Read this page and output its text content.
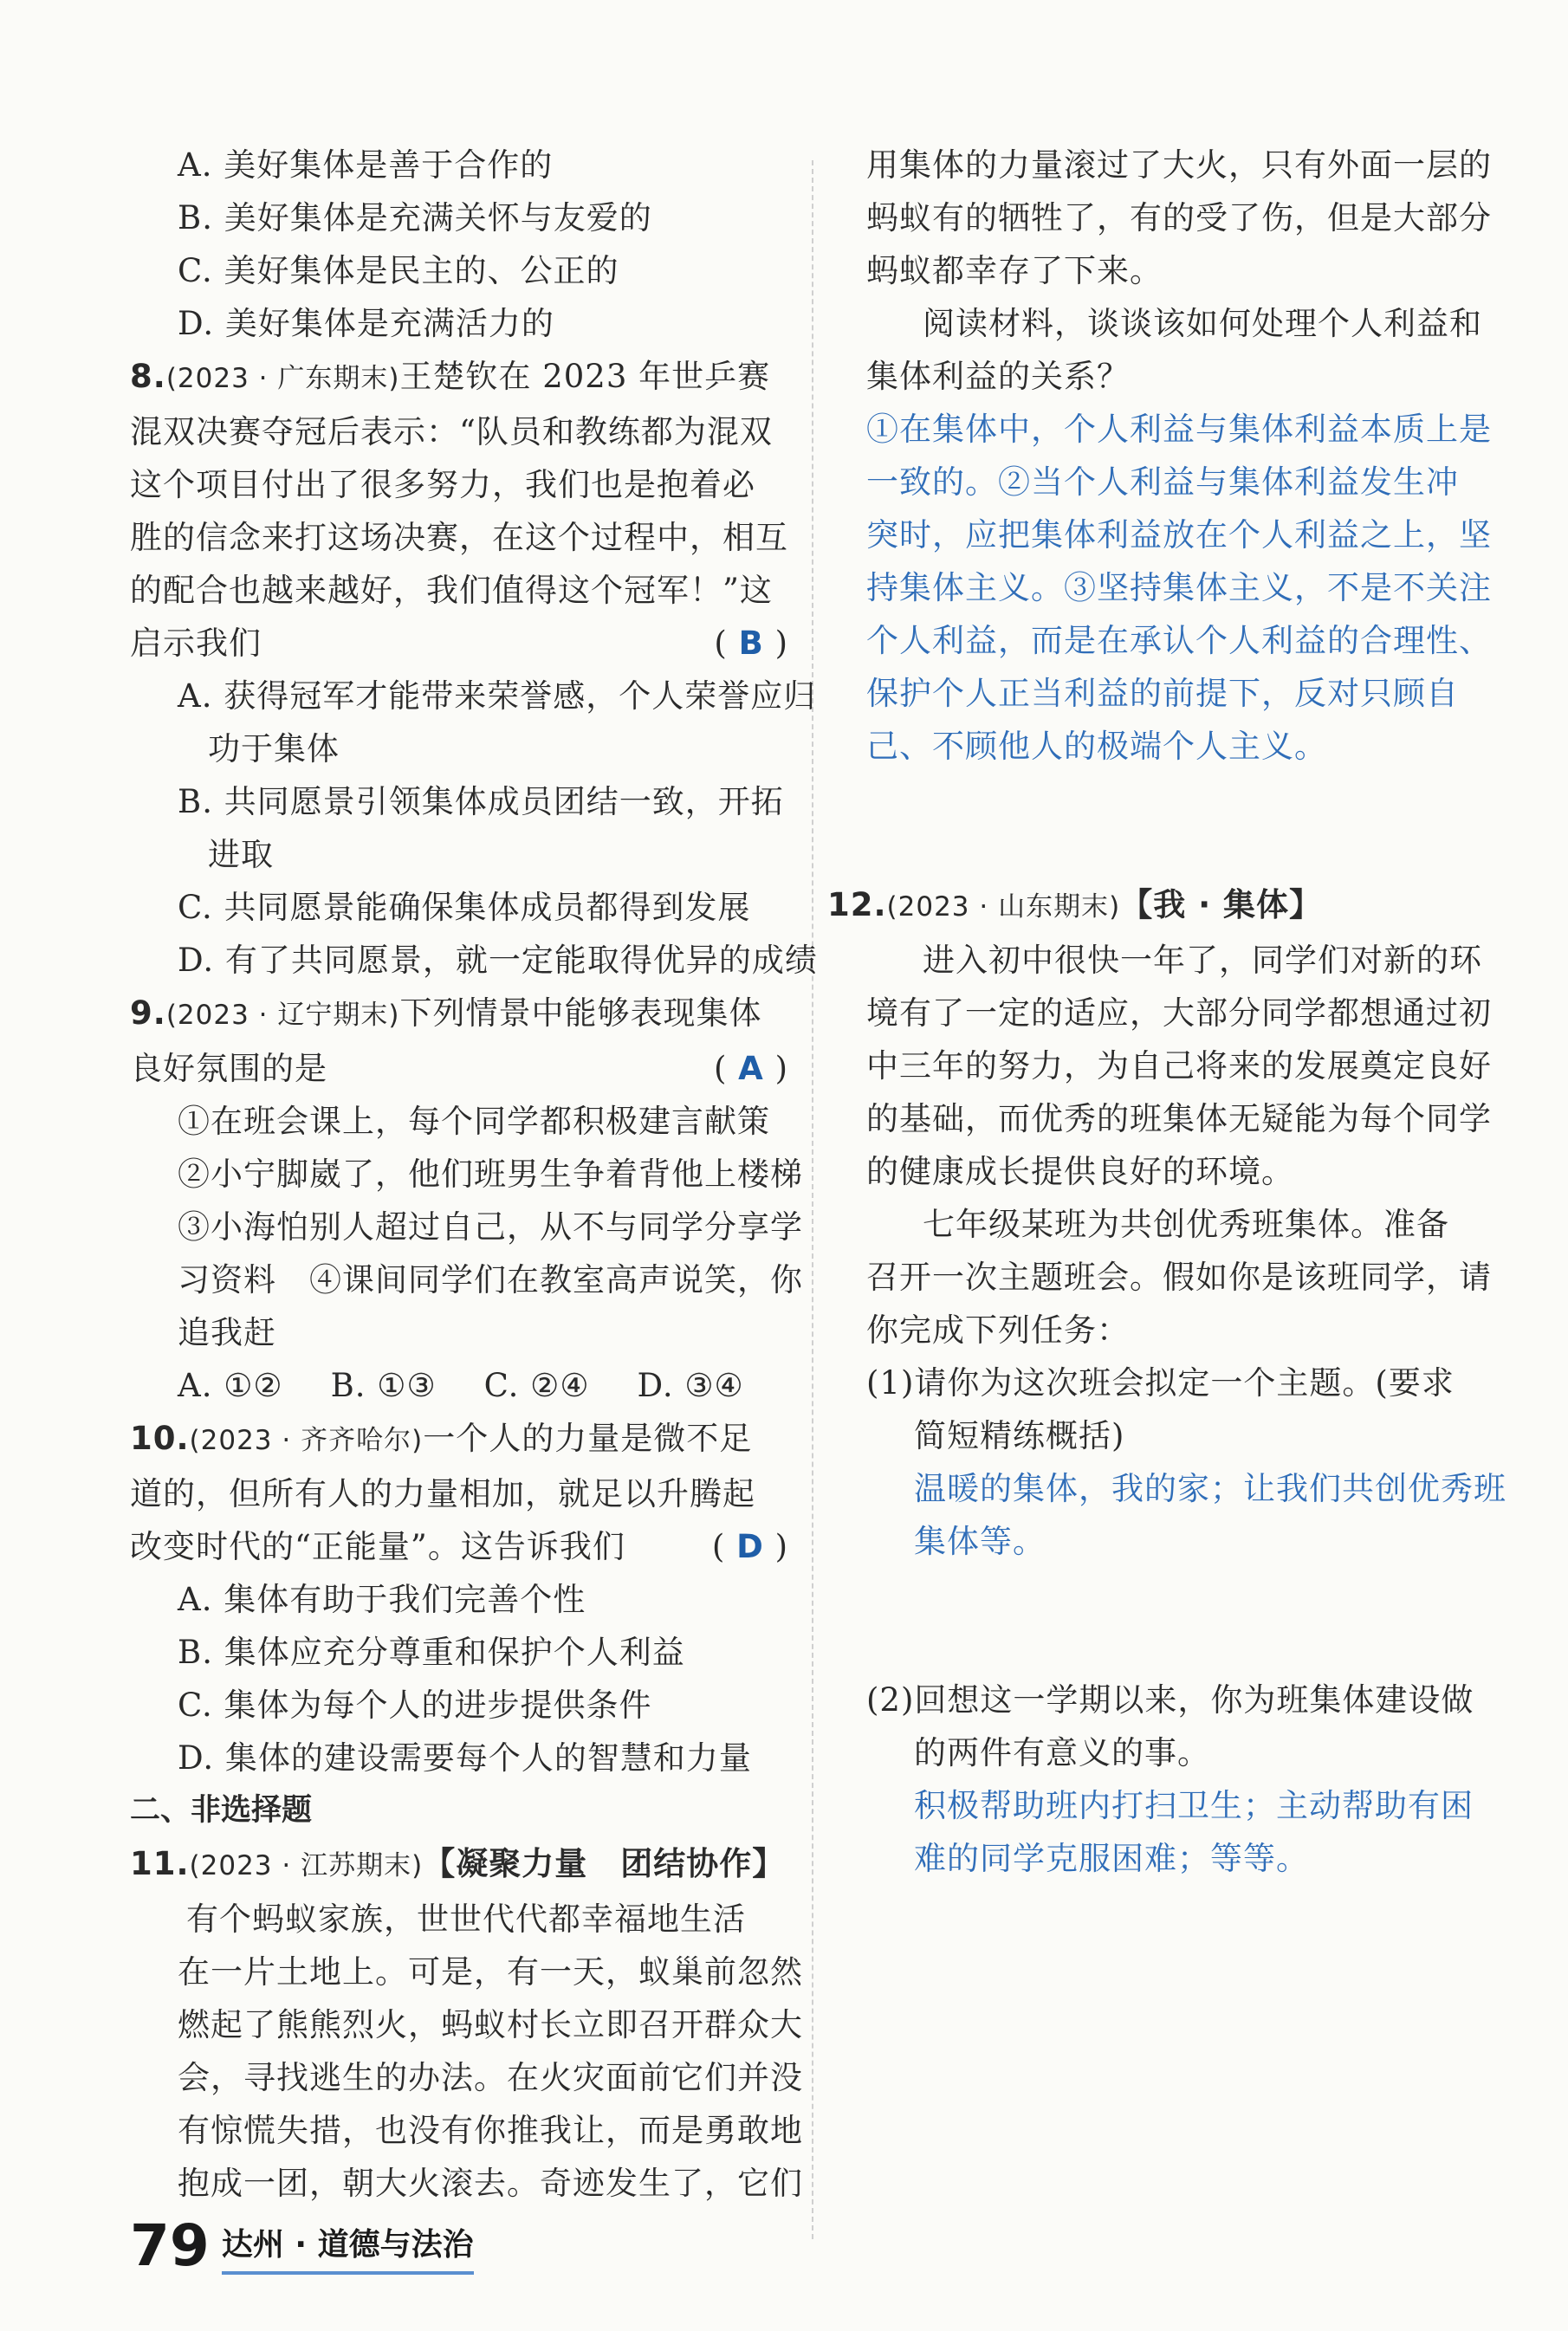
A. 美好集体是善于合作的
B. 美好集体是充满关怀与友爱的
C. 美好集体是民主的、公正的
D. 美好集体是充满活力的
8.(2023 · 广东期末)王楚钦在 2023 年世乒赛
混双决赛夺冠后表示：“队员和教练都为混双
这个项目付出了很多努力，我们也是抱着必
胜的信念来打这场决赛，在这个过程中，相互
的配合也越来越好，我们值得这个冠军！”这
启示我们	( B )
A. 获得冠军才能带来荣誉感，个人荣誉应归
功于集体
B. 共同愿景引领集体成员团结一致，开拓
进取
C. 共同愿景能确保集体成员都得到发展
D. 有了共同愿景，就一定能取得优异的成绩
9.(2023 · 辽宁期末)下列情景中能够表现集体
良好氛围的是	( A )
①在班会课上，每个同学都积极建言献策
②小宁脚崴了，他们班男生争着背他上楼梯
③小海怕别人超过自己，从不与同学分享学
习资料　④课间同学们在教室高声说笑，你
追我赶
A. ①② B. ①③ C. ②④ D. ③④
10.(2023 · 齐齐哈尔)一个人的力量是微不足
道的，但所有人的力量相加，就足以升腾起
改变时代的“正能量”。这告诉我们	( D )
A. 集体有助于我们完善个性
B. 集体应充分尊重和保护个人利益
C. 集体为每个人的进步提供条件
D. 集体的建设需要每个人的智慧和力量
二、非选择题
11.(2023 · 江苏期末)【凝聚力量　团结协作】
有个蚂蚁家族，世世代代都幸福地生活
在一片土地上。可是，有一天，蚁巢前忽然
燃起了熊熊烈火，蚂蚁村长立即召开群众大
会，寻找逃生的办法。在火灾面前它们并没
有惊慌失措，也没有你推我让，而是勇敢地
抱成一团，朝大火滚去。奇迹发生了，它们
用集体的力量滚过了大火，只有外面一层的
蚂蚁有的牺牲了，有的受了伤，但是大部分
蚂蚁都幸存了下来。
阅读材料，谈谈该如何处理个人利益和
集体利益的关系？
①在集体中，个人利益与集体利益本质上是
一致的。②当个人利益与集体利益发生冲
突时，应把集体利益放在个人利益之上，坚
持集体主义。③坚持集体主义，不是不关注
个人利益，而是在承认个人利益的合理性、
保护个人正当利益的前提下，反对只顾自
己、不顾他人的极端个人主义。
12.(2023 · 山东期末)【我 · 集体】
进入初中很快一年了，同学们对新的环
境有了一定的适应，大部分同学都想通过初
中三年的努力，为自己将来的发展奠定良好
的基础，而优秀的班集体无疑能为每个同学
的健康成长提供良好的环境。
七年级某班为共创优秀班集体。准备
召开一次主题班会。假如你是该班同学，请
你完成下列任务：
(1)请你为这次班会拟定一个主题。(要求
简短精练概括)
温暖的集体，我的家；让我们共创优秀班
集体等。
(2)回想这一学期以来，你为班集体建设做
的两件有意义的事。
积极帮助班内打扫卫生；主动帮助有困
难的同学克服困难；等等。
79 达州 · 道德与法治
